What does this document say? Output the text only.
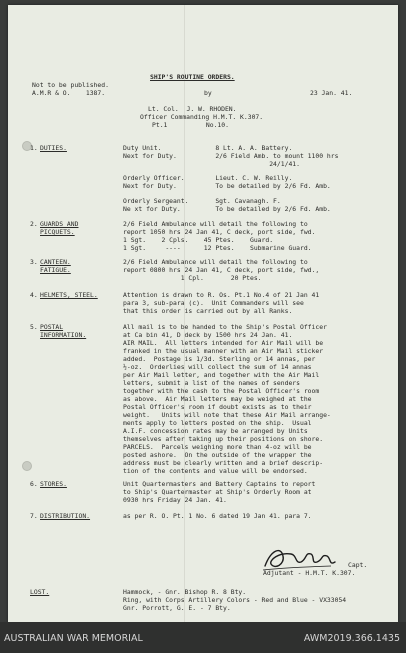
Not to be published.
A.M.R & O.    1387.
SHIP'S ROUTINE ORDERS.
by	23 Jan. 41.
Lt. Col.  J. W. RHODEN.
Officer Commanding H.M.T. K.307.
Pt.1          No.10.
1. DUTIES.	Duty Unit.              8 Lt. A. A. Battery.
Next for Duty.          2/6 Field Amb. to mount 1100 hrs
24/1/41.
Orderly Officer.        Lieut. C. W. Reilly.
Next for Duty.          To be detailed by 2/6 Fd. Amb.
Orderly Sergeant.       Sgt. Cavanagh. F.
Ne xt for Duty.         To be detailed by 2/6 Fd. Amb.
2. GUARDS AND
PICQUETS.
2/6 Field Ambulance will detail the following to
report 1050 hrs 24 Jan 41, C deck, port side, fwd.
1 Sgt.    2 Cpls.    45 Ptes.    Guard.
1 Sgt.     ----      12 Ptes.    Submarine Guard.
3. CANTEEN.
FATIGUE.
2/6 Field Ambulance will detail the following to
report 0800 hrs 24 Jan 41, C deck, port side, fwd.,
1 Cpl.       20 Ptes.
4. HELMETS, STEEL.	Attention is drawn to R. Os. Pt.1 No.4 of 21 Jan 41
para 3, sub-para (c).  Unit Commanders will see
that this order is carried out by all Ranks.
5. POSTAL
INFORMATION.
All mail is to be handed to the Ship's Postal Officer
at Ca bin 41, D deck by 1500 hrs 24 Jan. 41.
AIR MAIL.  All letters intended for Air Mail will be
franked in the usual manner with an Air Mail sticker
added.  Postage is 1/3d. Sterling or 14 annas, per
½-oz.  Orderlies will collect the sum of 14 annas
per Air Mail letter, and together with the Air Mail
letters, submit a list of the names of senders
together with the cash to the Postal Officer's room
as above.  Air Mail letters may be weighed at the
Postal Officer's room if doubt exists as to their
weight.   Units will note that these Air Mail arrange-
ments apply to letters posted on the ship.  Usual
A.I.F. concession rates may be arranged by Units
themselves after taking up their positions on shore.
PARCELS.  Parcels weighing more than 4-oz will be
posted ashore.  On the outside of the wrapper the
address must be clearly written and a brief descrip-
tion of the contents and value will be endorsed.
6. STORES.	Unit Quartermasters and Battery Captains to report
to Ship's Quartermaster at Ship's Orderly Room at
0930 hrs Friday 24 Jan. 41.
7. DISTRIBUTION.	as per R. O. Pt. 1 No. 6 dated 19 Jan 41. para 7.
Capt.
Adjutant - H.M.T. K.307.
LOST.	Hammock, - Gnr. Bishop R. 8 Bty.
Ring, with Corps Artillery Colors - Red and Blue - VX33054
Gnr. Porrott, G. E. - 7 Bty.
AUSTRALIAN WAR MEMORIAL	AWM2019.366.1435
